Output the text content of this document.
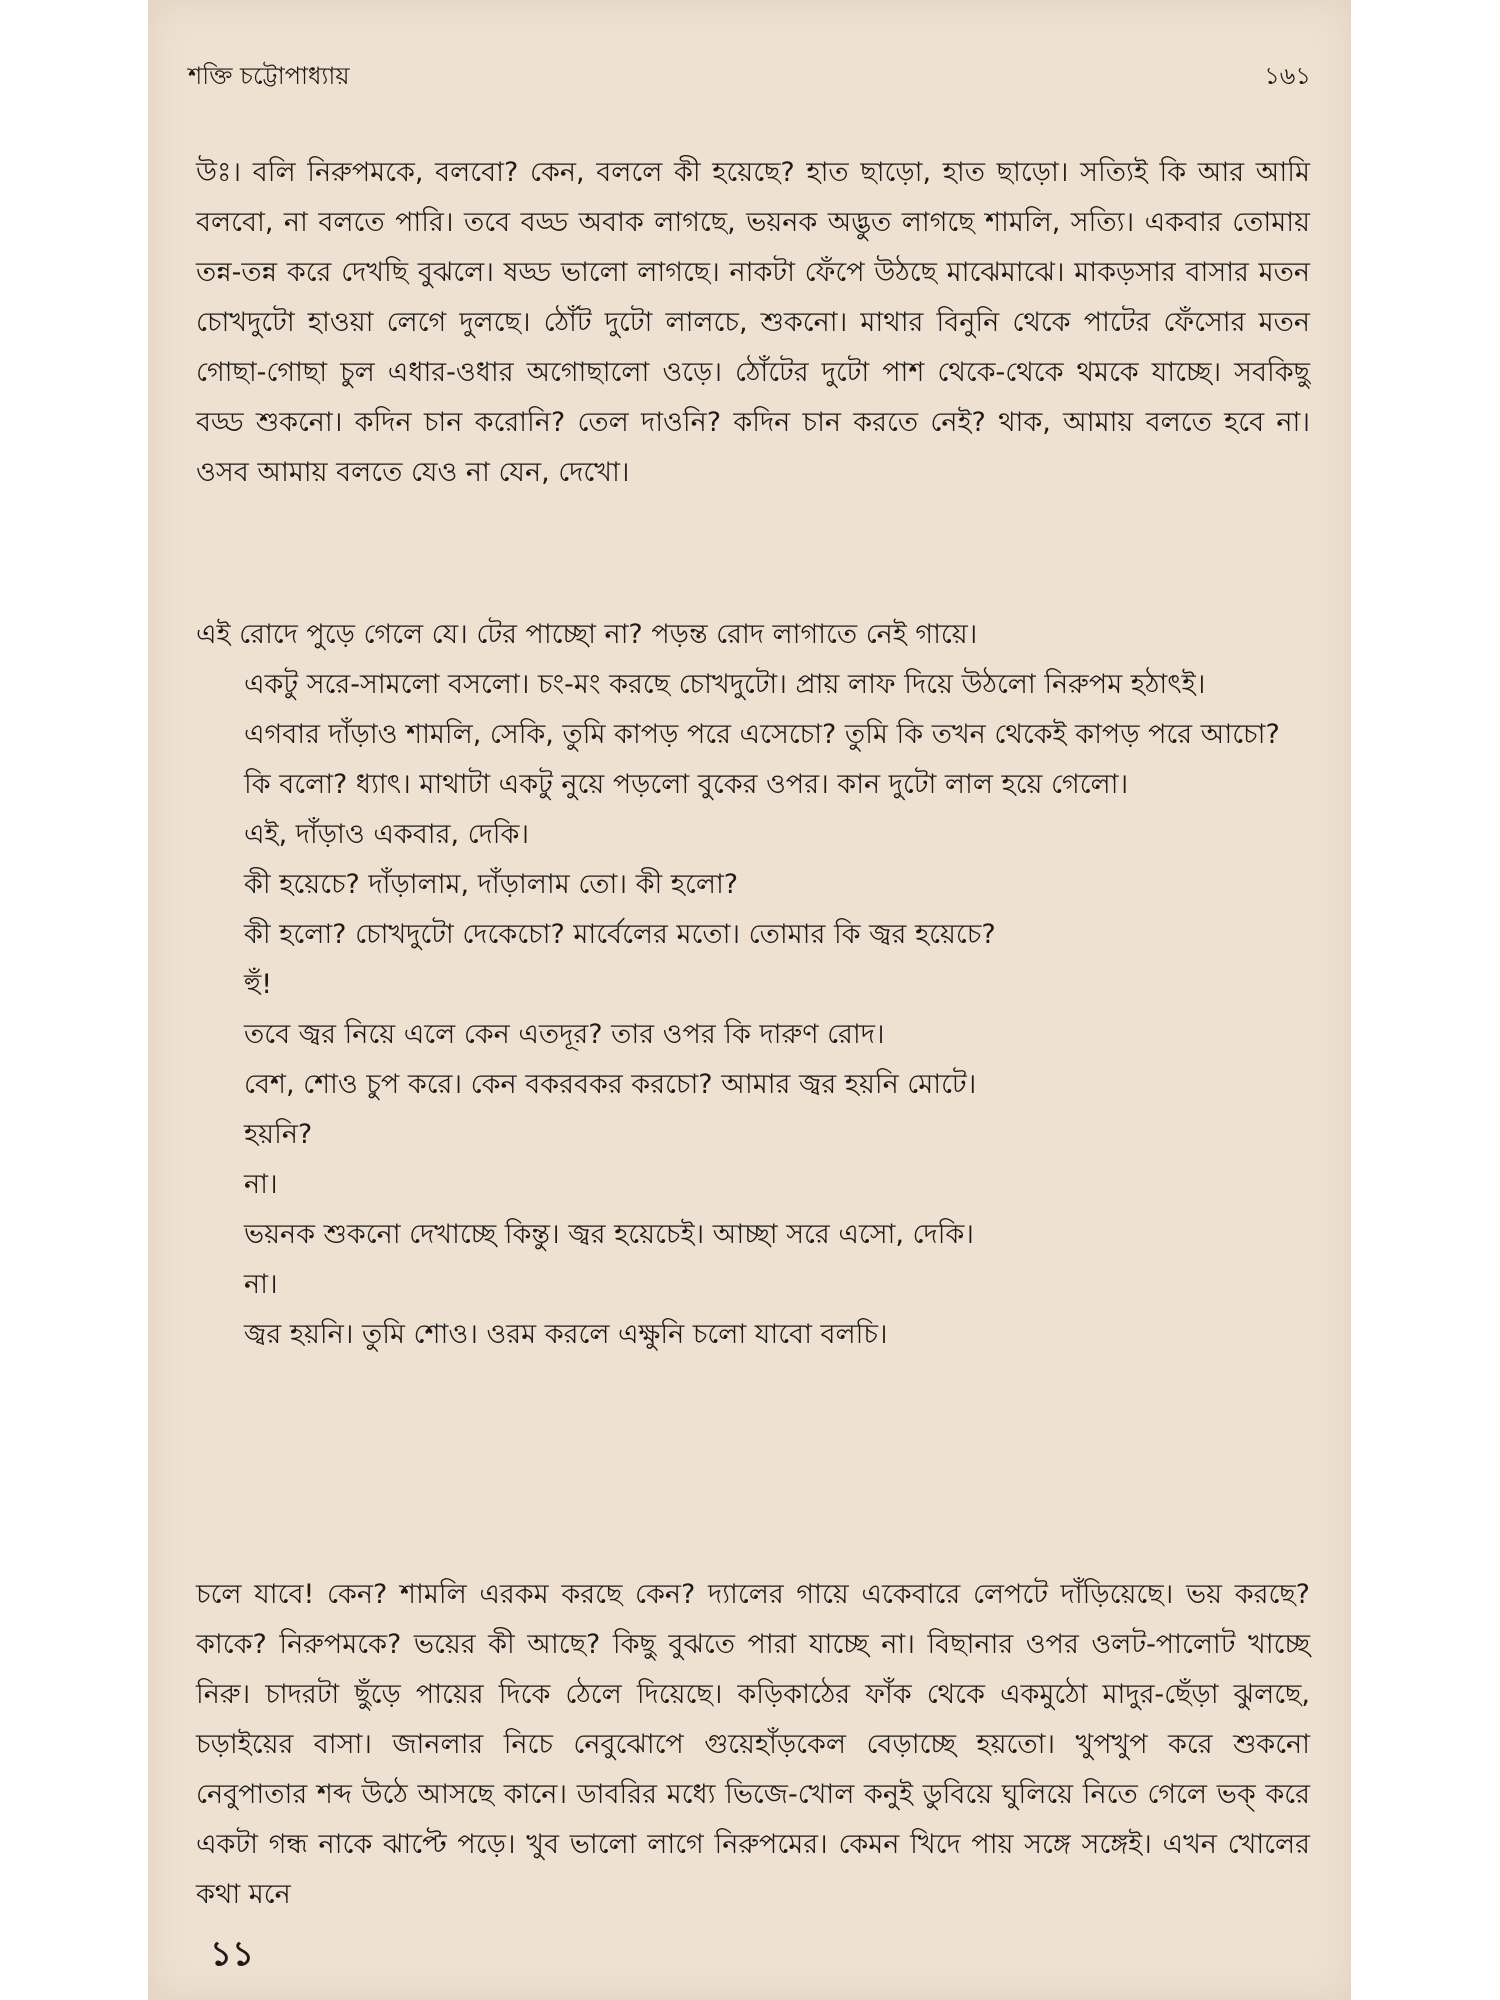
শক্তি চট্টোপাধ্যায়	১৬১

উঃ। বলি নিরুপমকে, বলবো? কেন, বললে কী হয়েছে? হাত ছাড়ো, হাত ছাড়ো। সত্যিই কি আর আমি বলবো, না বলতে পারি। তবে বড্ড অবাক লাগছে, ভয়নক অদ্ভুত লাগছে শামলি, সত্যি। একবার তোমায় তন্ন-তন্ন করে দেখছি বুঝলে। ষড্ড ভালো লাগছে। নাকটা ফেঁপে উঠছে মাঝেমাঝে। মাকড়সার বাসার মতন চোখদুটো হাওয়া লেগে দুলছে। ঠোঁট দুটো লালচে, শুকনো। মাথার বিনুনি থেকে পাটের ফেঁসোর মতন গোছা-গোছা চুল এধার-ওধার অগোছালো ওড়ে। ঠোঁটের দুটো পাশ থেকে-থেকে থমকে যাচ্ছে। সবকিছু বড্ড শুকনো। কদিন চান করোনি? তেল দাওনি? কদিন চান করতে নেই? থাক, আমায় বলতে হবে না। ওসব আমায় বলতে যেও না যেন, দেখো।

এই রোদে পুড়ে গেলে যে। টের পাচ্ছো না? পড়ন্ত রোদ লাগাতে নেই গায়ে।

একটু সরে-সামলো বসলো। চং-মং করছে চোখদুটো। প্রায় লাফ দিয়ে উঠলো নিরুপম হঠাৎই।

এগবার দাঁড়াও শামলি, সেকি, তুমি কাপড় পরে এসেচো? তুমি কি তখন থেকেই কাপড় পরে আচো?

কি বলো? ধ্যাৎ। মাথাটা একটু নুয়ে পড়লো বুকের ওপর। কান দুটো লাল হয়ে গেলো।

এই, দাঁড়াও একবার, দেকি।

কী হয়েচে? দাঁড়ালাম, দাঁড়ালাম তো। কী হলো?

কী হলো? চোখদুটো দেকেচো? মার্বেলের মতো। তোমার কি জ্বর হয়েচে?

হুঁ!

তবে জ্বর নিয়ে এলে কেন এতদূর? তার ওপর কি দারুণ রোদ।

বেশ, শোও চুপ করে। কেন বকরবকর করচো? আমার জ্বর হয়নি মোটে।

হয়নি?

না।

ভয়নক শুকনো দেখাচ্ছে কিন্তু। জ্বর হয়েচেই। আচ্ছা সরে এসো, দেকি।

না।

জ্বর হয়নি। তুমি শোও। ওরম করলে এক্ষুনি চলো যাবো বলচি।

চলে যাবে! কেন? শামলি এরকম করছে কেন? দ্যালের গায়ে একেবারে লেপটে দাঁড়িয়েছে। ভয় করছে? কাকে? নিরুপমকে? ভয়ের কী আছে? কিছু বুঝতে পারা যাচ্ছে না। বিছানার ওপর ওলট-পালোট খাচ্ছে নিরু। চাদরটা ছুঁড়ে পায়ের দিকে ঠেলে দিয়েছে। কড়িকাঠের ফাঁক থেকে একমুঠো মাদুর-ছেঁড়া ঝুলছে, চড়াইয়ের বাসা। জানলার নিচে নেবুঝোপে গুয়েহাঁড়কেল বেড়াচ্ছে হয়তো। খুপখুপ করে শুকনো নেবুপাতার শব্দ উঠে আসছে কানে। ডাবরির মধ্যে ভিজে-খোল কনুই ডুবিয়ে ঘুলিয়ে নিতে গেলে ভক্ করে একটা গন্ধ নাকে ঝাপ্টে পড়ে। খুব ভালো লাগে নিরুপমের। কেমন খিদে পায় সঙ্গে সঙ্গেই। এখন খোলের কথা মনে

১১
